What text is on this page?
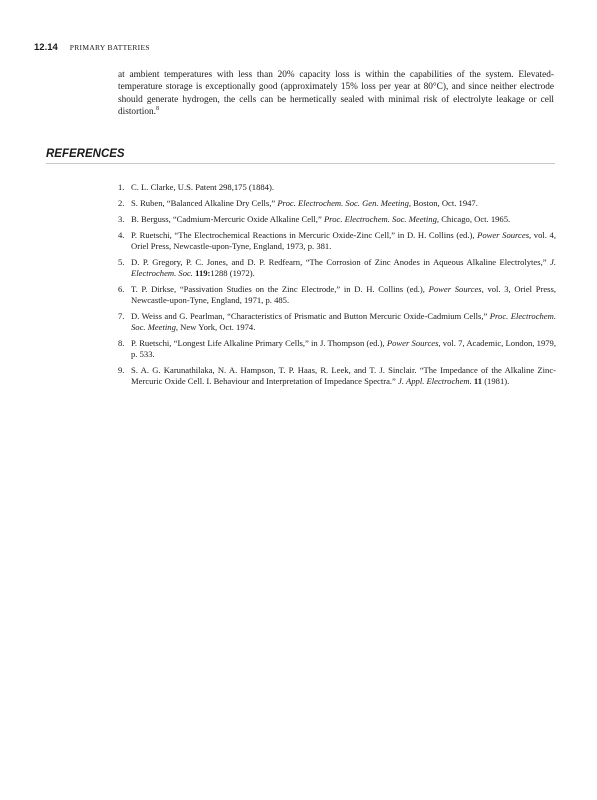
12.14 PRIMARY BATTERIES
at ambient temperatures with less than 20% capacity loss is within the capabilities of the system. Elevated-temperature storage is exceptionally good (approximately 15% loss per year at 80°C), and since neither electrode should generate hydrogen, the cells can be hermetically sealed with minimal risk of electrolyte leakage or cell distortion.$^8$
REFERENCES
1. C. L. Clarke, U.S. Patent 298,175 (1884).
2. S. Ruben, “Balanced Alkaline Dry Cells,” Proc. Electrochem. Soc. Gen. Meeting, Boston, Oct. 1947.
3. B. Berguss, “Cadmium-Mercuric Oxide Alkaline Cell,” Proc. Electrochem. Soc. Meeting, Chicago, Oct. 1965.
4. P. Ruetschi, “The Electrochemical Reactions in Mercuric Oxide-Zinc Cell,” in D. H. Collins (ed.), Power Sources, vol. 4, Oriel Press, Newcastle-upon-Tyne, England, 1973, p. 381.
5. D. P. Gregory, P. C. Jones, and D. P. Redfearn, “The Corrosion of Zinc Anodes in Aqueous Alkaline Electrolytes,” J. Electrochem. Soc. 119:1288 (1972).
6. T. P. Dirkse, “Passivation Studies on the Zinc Electrode,” in D. H. Collins (ed.), Power Sources, vol. 3, Oriel Press, Newcastle-upon-Tyne, England, 1971, p. 485.
7. D. Weiss and G. Pearlman, “Characteristics of Prismatic and Button Mercuric Oxide-Cadmium Cells,” Proc. Electrochem. Soc. Meeting, New York, Oct. 1974.
8. P. Ruetschi, “Longest Life Alkaline Primary Cells,” in J. Thompson (ed.), Power Sources, vol. 7, Academic, London, 1979, p. 533.
9. S. A. G. Karunathilaka, N. A. Hampson, T. P. Haas, R. Leek, and T. J. Sinclair. “The Impedance of the Alkaline Zinc-Mercuric Oxide Cell. I. Behaviour and Interpretation of Impedance Spectra.” J. Appl. Electrochem. 11 (1981).
